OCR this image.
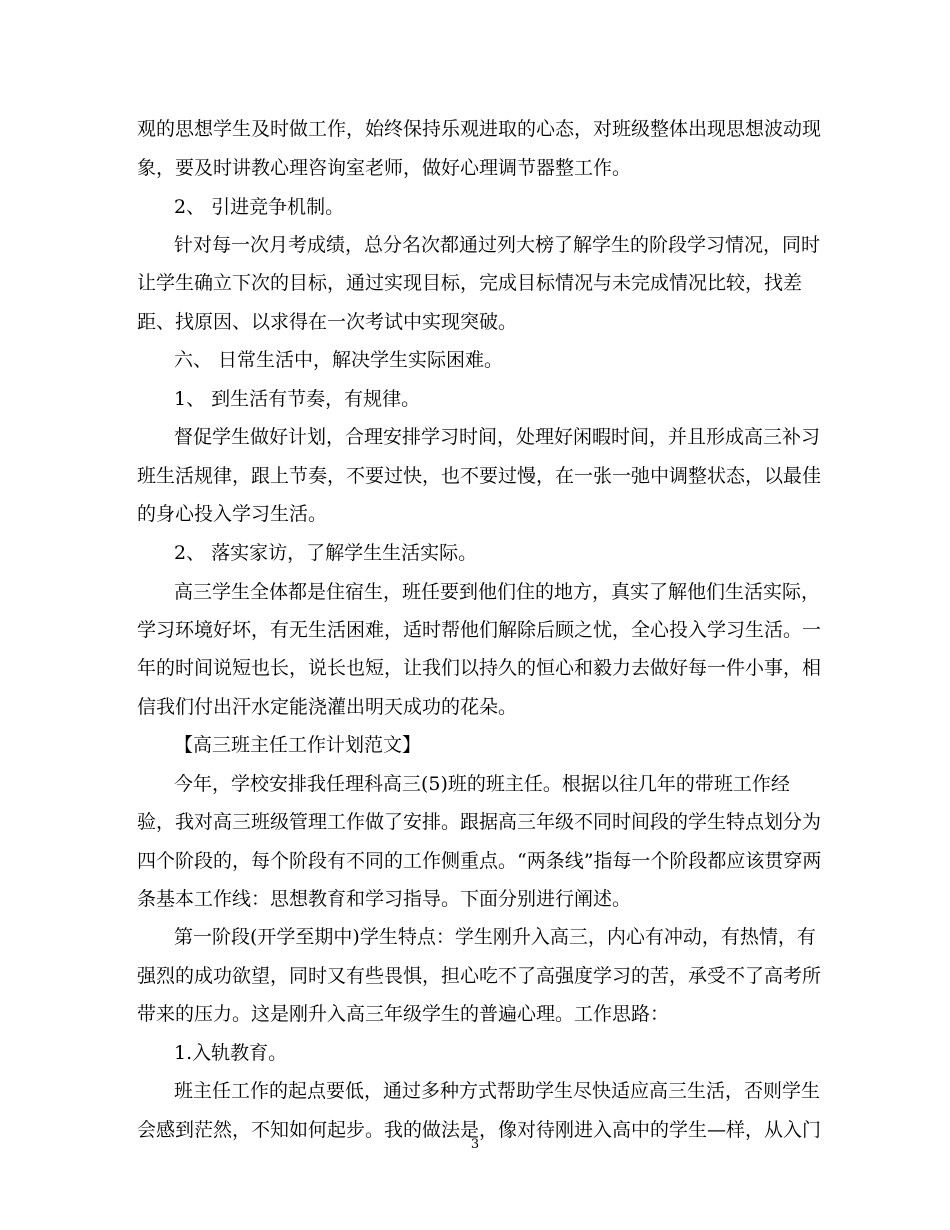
观的思想学生及时做工作，始终保持乐观进取的心态，对班级整体出现思想波动现
象，要及时讲教心理咨询室老师，做好心理调节器整工作。
2、 引进竞争机制。
针对每一次月考成绩，总分名次都通过列大榜了解学生的阶段学习情况，同时
让学生确立下次的目标，通过实现目标，完成目标情况与未完成情况比较，找差
距、找原因、以求得在一次考试中实现突破。
六、 日常生活中，解决学生实际困难。
1、 到生活有节奏，有规律。
督促学生做好计划，合理安排学习时间，处理好闲暇时间，并且形成高三补习
班生活规律，跟上节奏，不要过快，也不要过慢，在一张一弛中调整状态，以最佳
的身心投入学习生活。
2、 落实家访，了解学生生活实际。
高三学生全体都是住宿生，班任要到他们住的地方，真实了解他们生活实际，
学习环境好坏，有无生活困难，适时帮他们解除后顾之忧，全心投入学习生活。一
年的时间说短也长，说长也短，让我们以持久的恒心和毅力去做好每一件小事，相
信我们付出汗水定能浇灌出明天成功的花朵。
【高三班主任工作计划范文】
今年，学校安排我任理科高三(5)班的班主任。根据以往几年的带班工作经
验，我对高三班级管理工作做了安排。跟据高三年级不同时间段的学生特点划分为
四个阶段的，每个阶段有不同的工作侧重点。“两条线”指每一个阶段都应该贯穿两
条基本工作线：思想教育和学习指导。下面分别进行阐述。
第一阶段(开学至期中)学生特点：学生刚升入高三，内心有冲动，有热情，有
强烈的成功欲望，同时又有些畏惧，担心吃不了高强度学习的苦，承受不了高考所
带来的压力。这是刚升入高三年级学生的普遍心理。工作思路：
1.入轨教育。
班主任工作的起点要低，通过多种方式帮助学生尽快适应高三生活，否则学生
会感到茫然，不知如何起步。我的做法是，像对待刚进入高中的学生—样，从入门
3
